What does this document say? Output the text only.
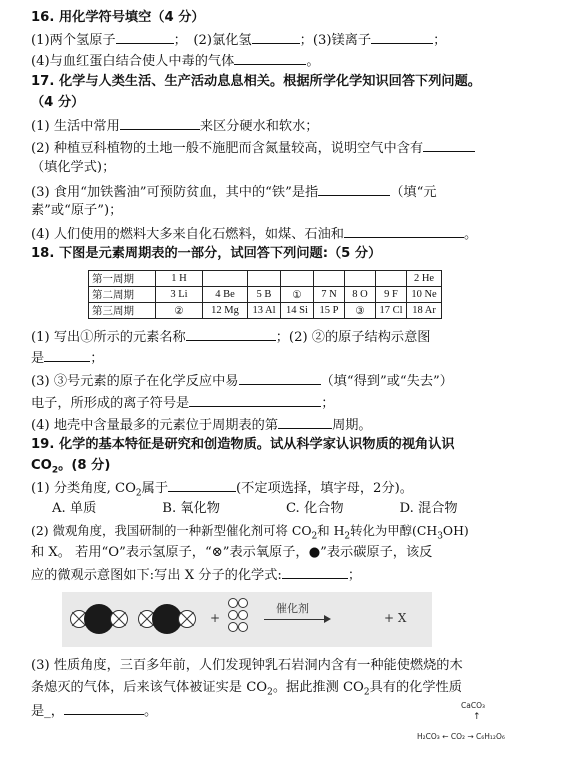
16. 用化学符号填空（4 分）
(1)两个氢原子	；　(2)氯化氢	；(3)镁离子	；
(4)与血红蛋白结合使人中毒的气体	。
17. 化学与人类生活、生产活动息息相关。根据所学化学知识回答下列问题。
（4 分）
(1) 生活中常用	来区分硬水和软水；
(2) 种植豆科植物的土地一般不施肥而含氮量较高，说明空气中含有
（填化学式)；
(3) 食用“加铁酱油”可预防贫血，其中的“铁”是指	（填“元
素”或“原子”)；
(4) 人们使用的燃料大多来自化石燃料，如煤、石油和	。
18. 下图是元素周期表的一部分，试回答下列问题:（5 分）
第一周期	1 H							2 He
第二周期	3 Li	4 Be	5 B	①	7 N	8 O	9 F	10 Ne
第三周期	②	12 Mg	13 Al	14 Si	15 P	③	17 Cl	18 Ar
(1) 写出①所示的元素名称	；(2) ②的原子结构示意图
是	；
(3) ③号元素的原子在化学反应中易	（填“得到”或“失去”）
电子，所形成的离子符号是	；
(4) 地壳中含量最多的元素位于周期表的第	周期。
19. 化学的基本特征是研究和创造物质。试从科学家认识物质的视角认识
$CO_2$。(8 分)
(1) 分类角度, $CO_2$属于	(不定项选择，填字母，2分)。
A. 单质	B. 氧化物	C. 化合物	D. 混合物
(2) 微观角度，我国研制的一种新型催化剂可将 $CO_2$和 $H_2$转化为甲醇$(CH_3OH)$
和 X。 若用“O”表示氢原子，“⊗”表示氧原子，●”表示碳原子，该反
应的微观示意图如下:写出 X 分子的化学式:	；
+
催化剂
+ X
(3) 性质角度，三百多年前，人们发现钟乳石岩洞内含有一种能使燃烧的木
条熄灭的气体，后来该气体被证实是 $CO_2$。据此推测 $CO_2$具有的化学性质
是_，	。	CaCO₃
↑
H₂CO₃ ← CO₂ → C₆H₁₂O₆
